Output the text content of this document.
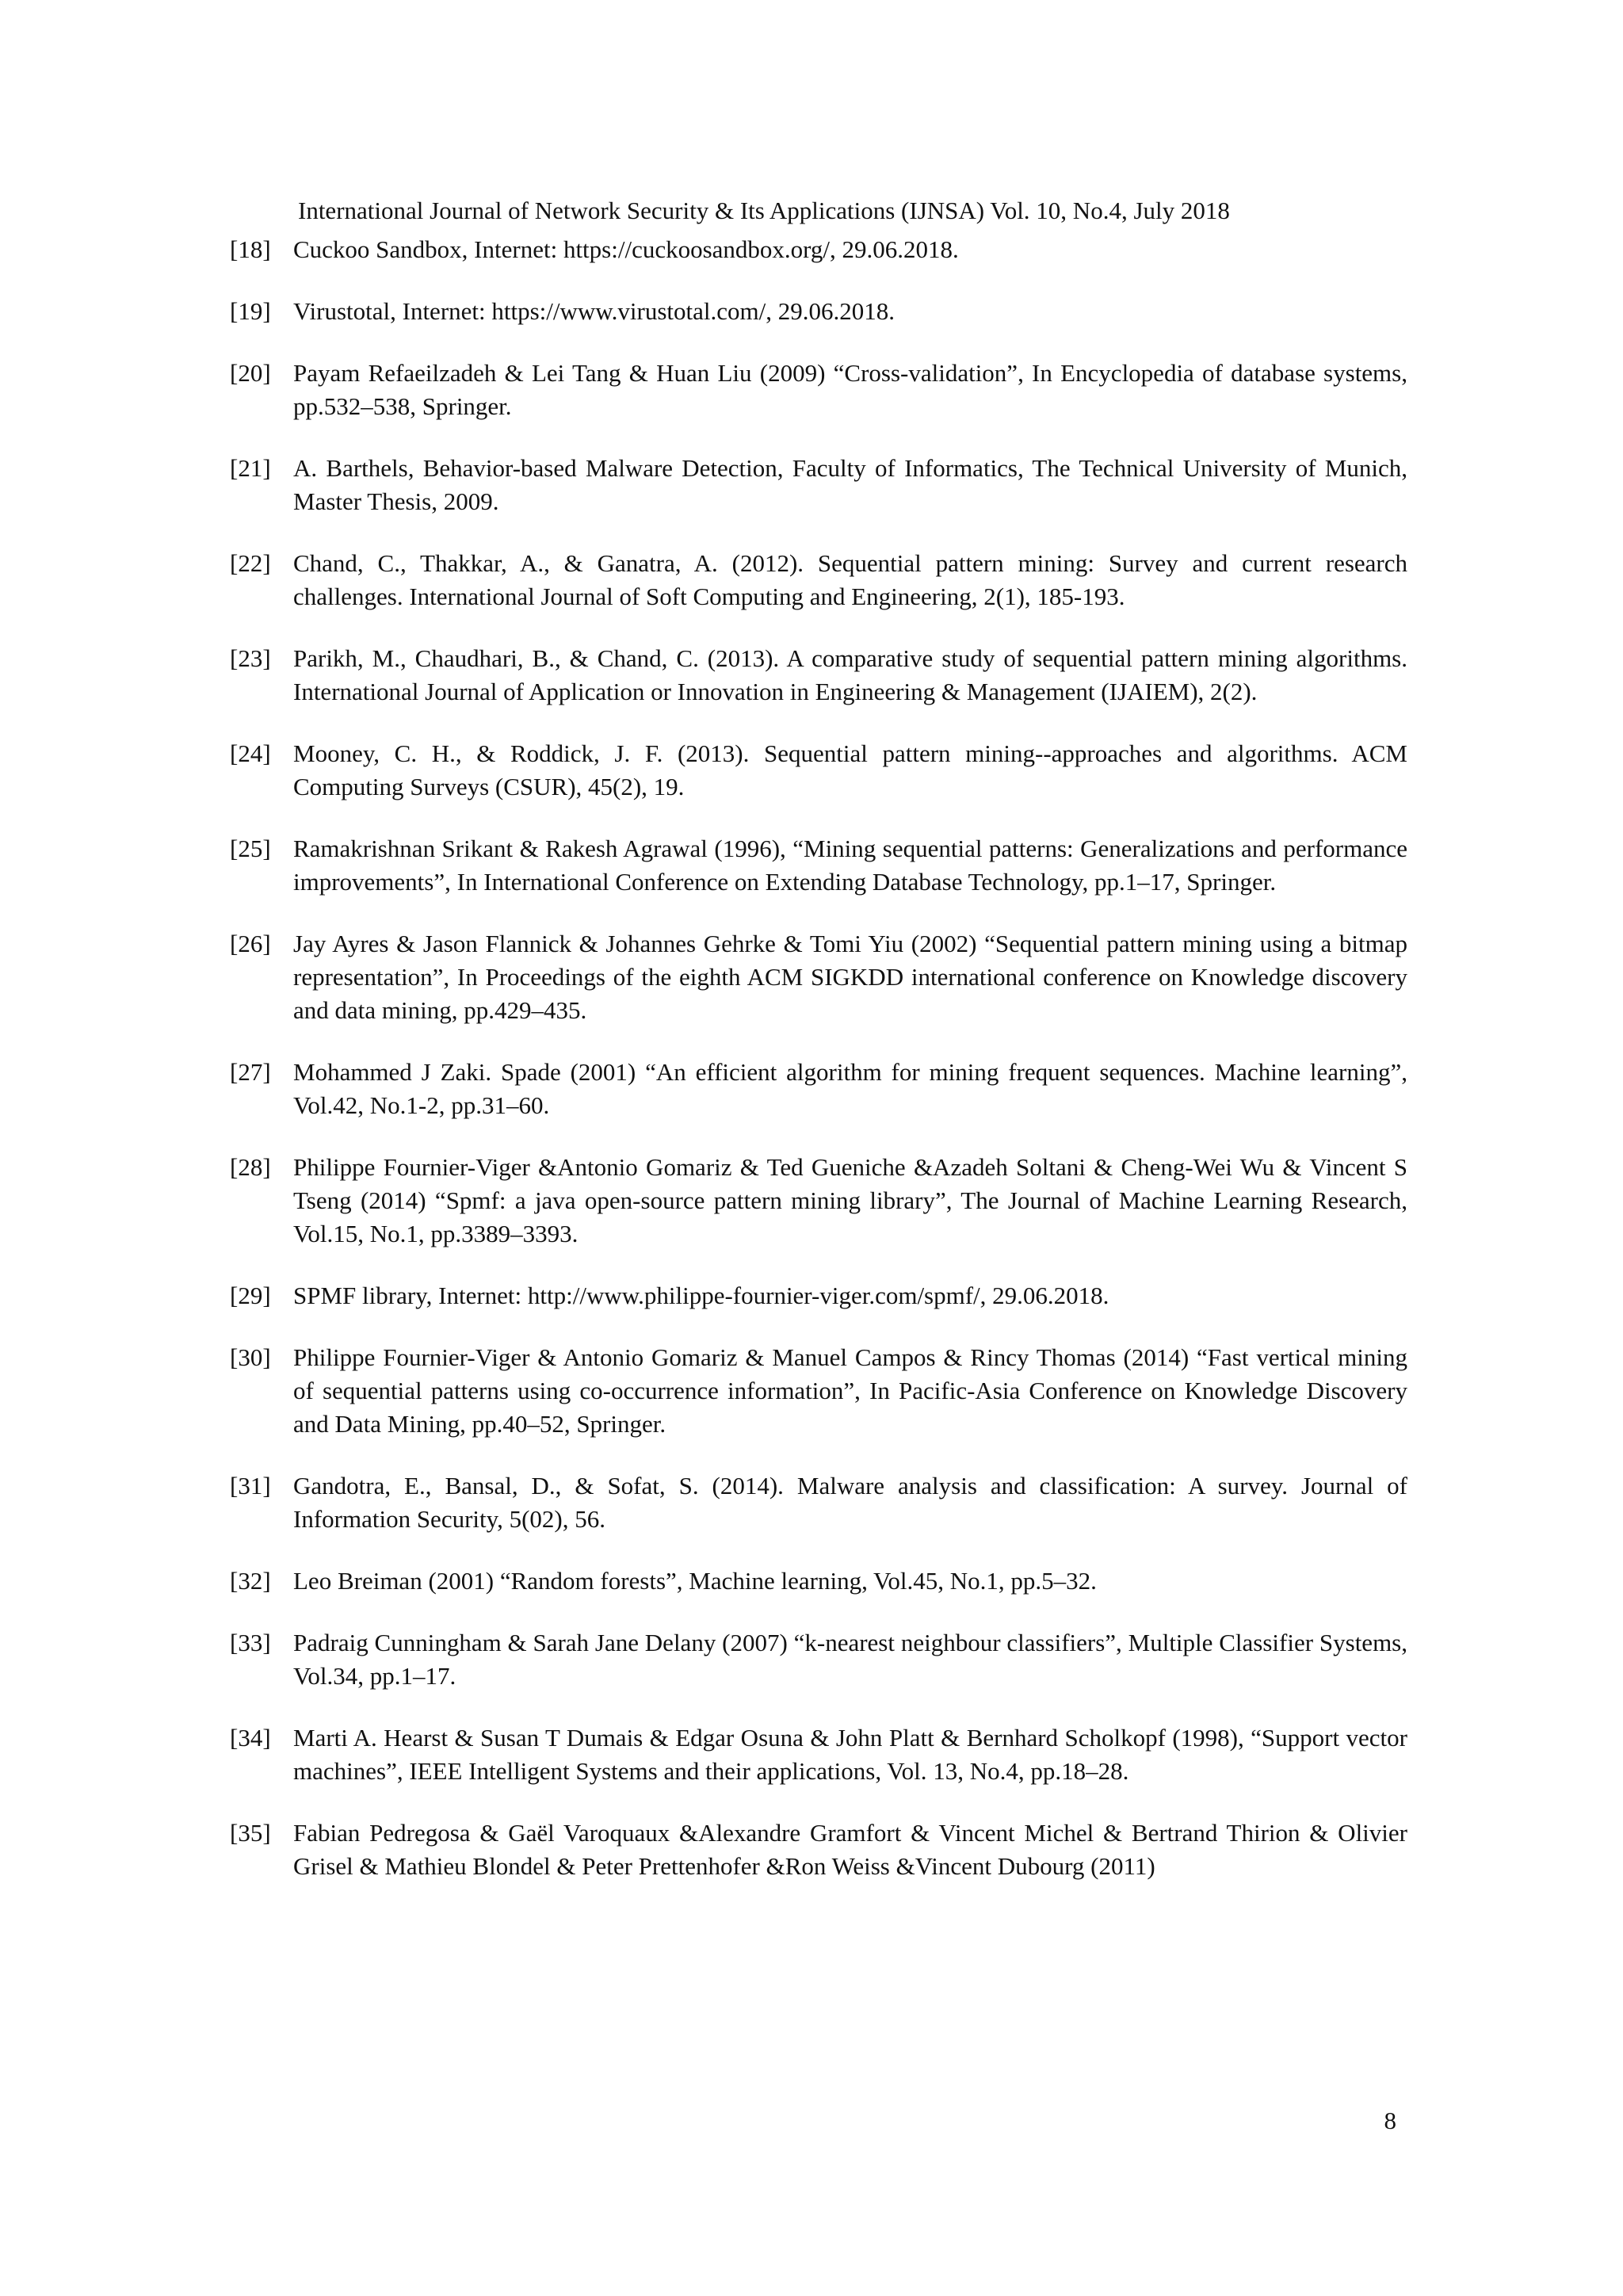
International Journal of Network Security & Its Applications (IJNSA) Vol. 10, No.4, July 2018
[18] Cuckoo Sandbox, Internet: https://cuckoosandbox.org/, 29.06.2018.
[19] Virustotal, Internet: https://www.virustotal.com/, 29.06.2018.
[20] Payam Refaeilzadeh & Lei Tang & Huan Liu (2009) “Cross-validation”, In Encyclopedia of database systems, pp.532–538, Springer.
[21] A. Barthels, Behavior-based Malware Detection, Faculty of Informatics, The Technical University of Munich, Master Thesis, 2009.
[22] Chand, C., Thakkar, A., & Ganatra, A. (2012). Sequential pattern mining: Survey and current research challenges. International Journal of Soft Computing and Engineering, 2(1), 185-193.
[23] Parikh, M., Chaudhari, B., & Chand, C. (2013). A comparative study of sequential pattern mining algorithms. International Journal of Application or Innovation in Engineering & Management (IJAIEM), 2(2).
[24] Mooney, C. H., & Roddick, J. F. (2013). Sequential pattern mining--approaches and algorithms. ACM Computing Surveys (CSUR), 45(2), 19.
[25] Ramakrishnan Srikant & Rakesh Agrawal (1996), “Mining sequential patterns: Generalizations and performance improvements”, In International Conference on Extending Database Technology, pp.1–17, Springer.
[26] Jay Ayres & Jason Flannick & Johannes Gehrke & Tomi Yiu (2002) “Sequential pattern mining using a bitmap representation”, In Proceedings of the eighth ACM SIGKDD international conference on Knowledge discovery and data mining, pp.429–435.
[27] Mohammed J Zaki. Spade (2001) “An efficient algorithm for mining frequent sequences. Machine learning”, Vol.42, No.1-2, pp.31–60.
[28] Philippe Fournier-Viger &Antonio Gomariz & Ted Gueniche &Azadeh Soltani & Cheng-Wei Wu & Vincent S Tseng (2014) “Spmf: a java open-source pattern mining library”, The Journal of Machine Learning Research, Vol.15, No.1, pp.3389–3393.
[29] SPMF library, Internet: http://www.philippe-fournier-viger.com/spmf/, 29.06.2018.
[30] Philippe Fournier-Viger & Antonio Gomariz & Manuel Campos & Rincy Thomas (2014) “Fast vertical mining of sequential patterns using co-occurrence information”, In Pacific-Asia Conference on Knowledge Discovery and Data Mining, pp.40–52, Springer.
[31] Gandotra, E., Bansal, D., & Sofat, S. (2014). Malware analysis and classification: A survey. Journal of Information Security, 5(02), 56.
[32] Leo Breiman (2001) “Random forests”, Machine learning, Vol.45, No.1, pp.5–32.
[33] Padraig Cunningham & Sarah Jane Delany (2007) “k-nearest neighbour classifiers”, Multiple Classifier Systems, Vol.34, pp.1–17.
[34] Marti A. Hearst & Susan T Dumais & Edgar Osuna & John Platt & Bernhard Scholkopf (1998), “Support vector machines”, IEEE Intelligent Systems and their applications, Vol. 13, No.4, pp.18–28.
[35] Fabian Pedregosa & Gaël Varoquaux &Alexandre Gramfort & Vincent Michel & Bertrand Thirion & Olivier Grisel & Mathieu Blondel & Peter Prettenhofer &Ron Weiss &Vincent Dubourg (2011)
8
